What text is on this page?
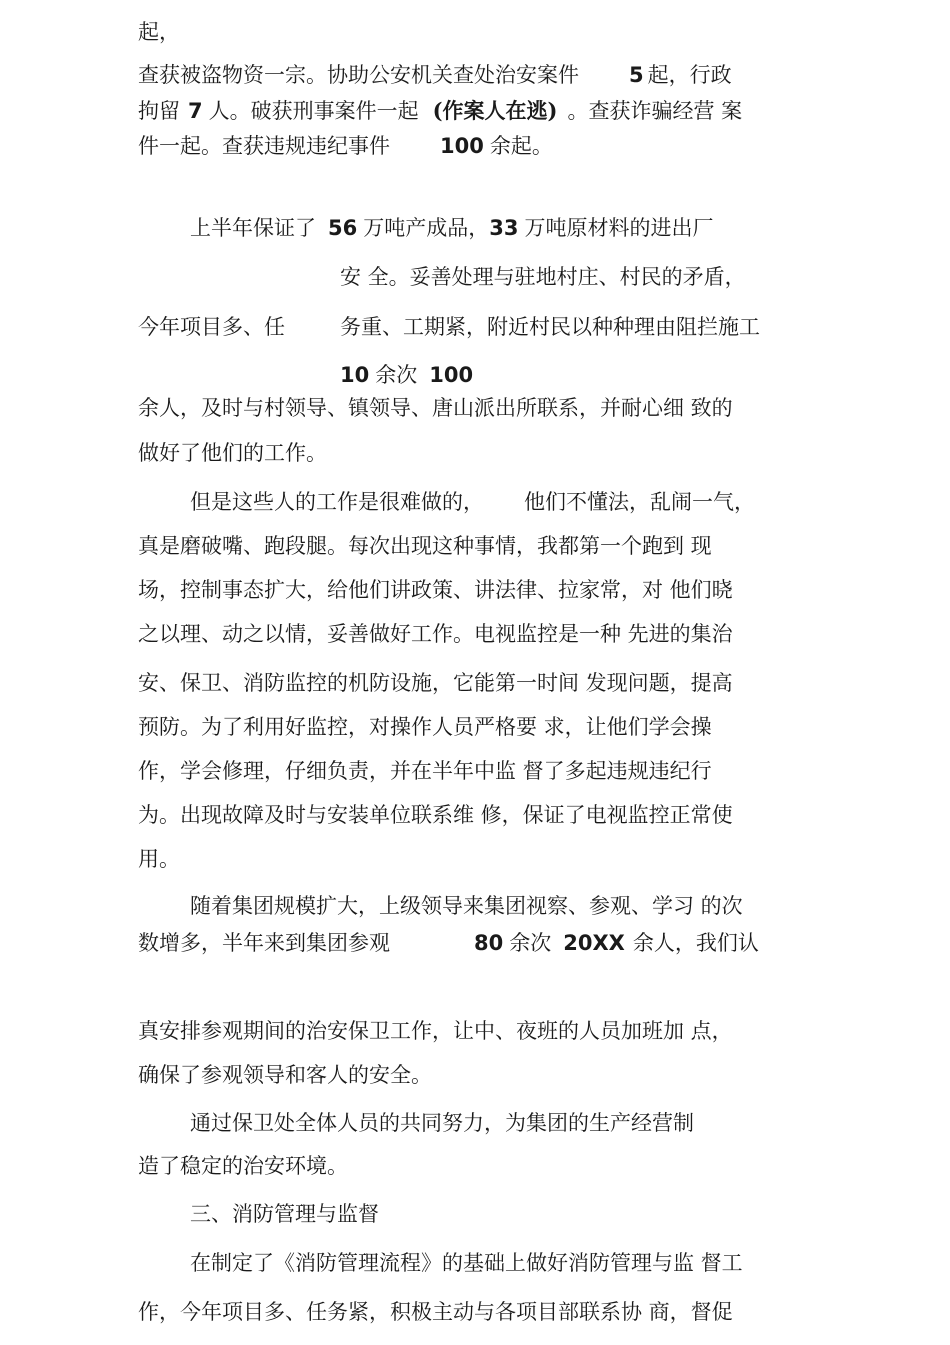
起，
查获被盗物资一宗。协助公安机关查处治安案件 5 起，行政
拘留 7 人。破获刑事案件一起 (作案人在逃) 。查获诈骗经营 案
件一起。查获违规违纪事件 100 余起。
上半年保证了 56 万吨产成品，33 万吨原材料的进出厂
安 全。妥善处理与驻地村庄、村民的矛盾，
今年项目多、任	务重、工期紧，附近村民以种种理由阻拦施工
10 余次 100
余人，及时与村领导、镇领导、唐山派出所联系，并耐心细 致的
做好了他们的工作。
但是这些人的工作是很难做的， 他们不懂法，乱闹一气，
真是磨破嘴、跑段腿。每次出现这种事情，我都第一个跑到 现
场，控制事态扩大，给他们讲政策、讲法律、拉家常，对 他们晓
之以理、动之以情，妥善做好工作。电视监控是一种 先进的集治
安、保卫、消防监控的机防设施，它能第一时间 发现问题，提高
预防。为了利用好监控，对操作人员严格要 求，让他们学会操
作，学会修理，仔细负责，并在半年中监 督了多起违规违纪行
为。出现故障及时与安装单位联系维 修，保证了电视监控正常使
用。
随着集团规模扩大，上级领导来集团视察、参观、学习 的次
数增多，半年来到集团参观	80 余次 20XX 余人，我们认
真安排参观期间的治安保卫工作，让中、夜班的人员加班加 点，
确保了参观领导和客人的安全。
通过保卫处全体人员的共同努力，为集团的生产经营制
造了稳定的治安环境。
三、消防管理与监督
在制定了《消防管理流程》的基础上做好消防管理与监 督工
作，今年项目多、任务紧，积极主动与各项目部联系协 商，督促
